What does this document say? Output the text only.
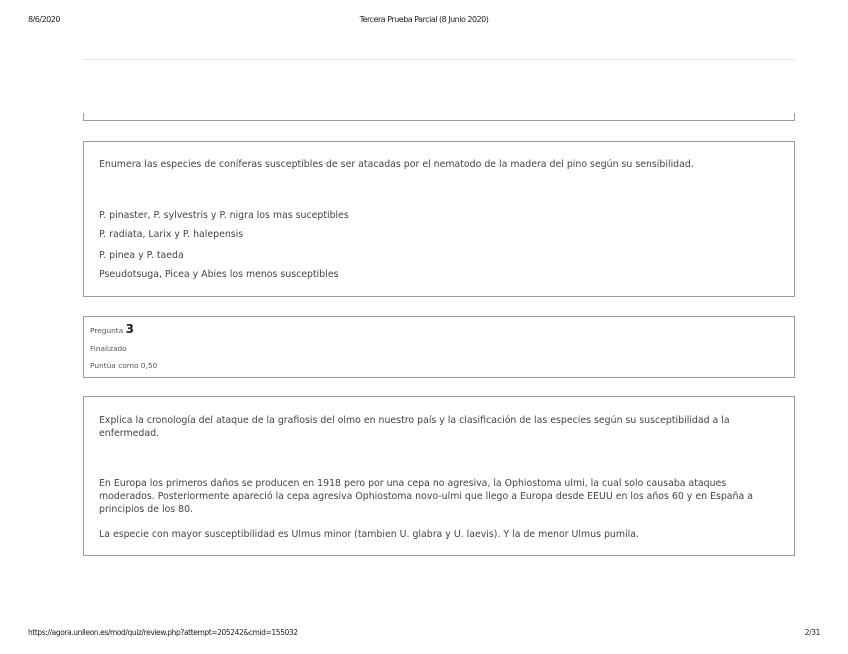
8/6/2020	Tercera Prueba Parcial (8 Junio 2020)

Enumera las especies de coníferas susceptibles de ser atacadas por el nematodo de la madera del pino según su sensibilidad.

P. pinaster, P. sylvestris y P. nigra los mas suceptibles

P. radiata, Larix y P. halepensis

P. pinea y P. taeda

Pseudotsuga, Picea y Abies los menos susceptibles

Pregunta 3
Finalizado
Puntúa como 0,50

Explica la cronología del ataque de la grafiosis del olmo en nuestro país y la clasificación de las especies según su susceptibilidad a la enfermedad.

En Europa los primeros daños se producen en 1918 pero por una cepa no agresiva, la Ophiostoma ulmi, la cual solo causaba ataques moderados. Posteriormente apareció la cepa agresiva Ophiostoma novo-ulmi que llego a Europa desde EEUU en los años 60 y en España a principios de los 80.

La especie con mayor susceptibilidad es Ulmus minor (tambien U. glabra y U. laevis). Y la de menor Ulmus pumila.

https://agora.unileon.es/mod/quiz/review.php?attempt=205242&cmid=155032	2/31
